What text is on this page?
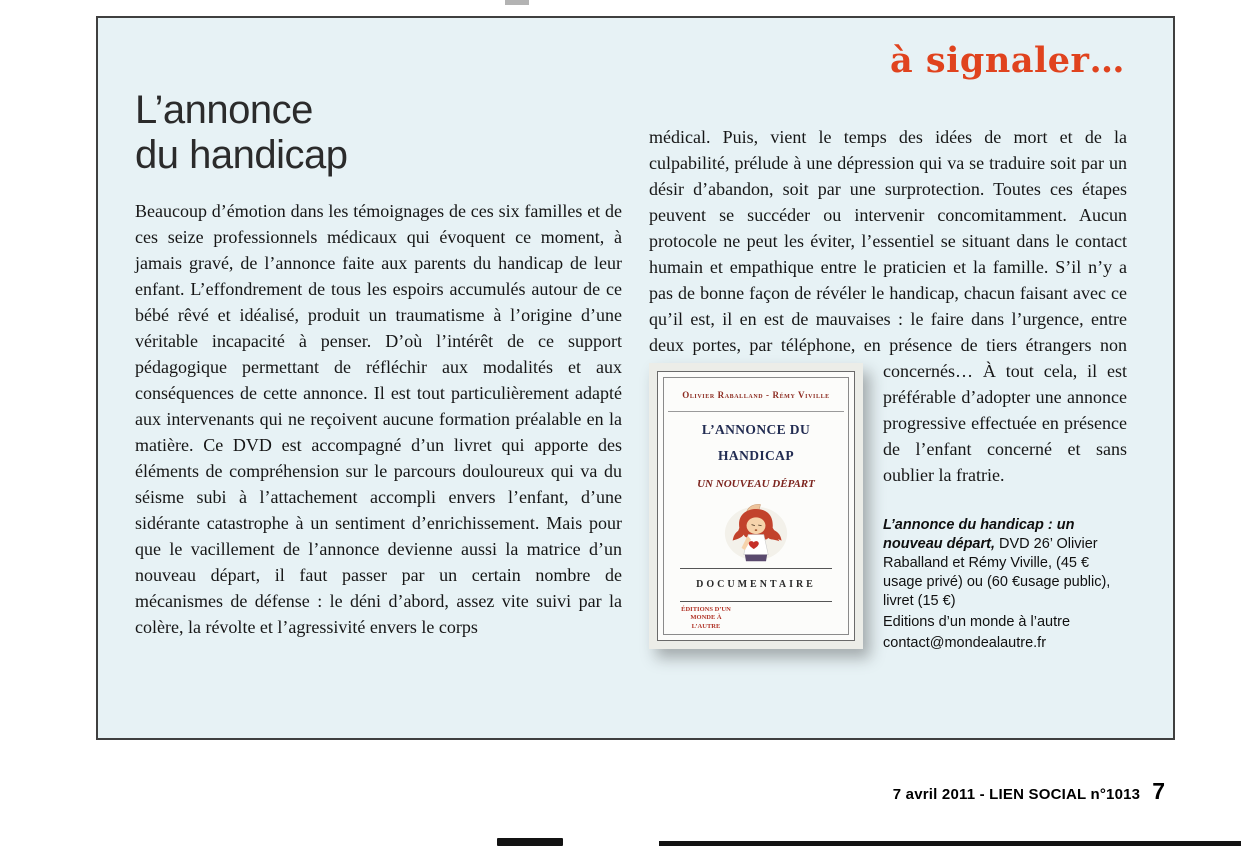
à signaler…
L’annonce
du handicap
Beaucoup d’émotion dans les témoignages de ces six familles et de ces seize professionnels médicaux qui évoquent ce moment, à jamais gravé, de l’annonce faite aux parents du handicap de leur enfant. L’effondrement de tous les espoirs accumulés autour de ce bébé rêvé et idéalisé, produit un traumatisme à l’origine d’une véritable incapacité à penser. D’où l’intérêt de ce support pédagogique permettant de réfléchir aux modalités et aux conséquences de cette annonce. Il est tout particulièrement adapté aux intervenants qui ne reçoivent aucune formation préalable en la matière. Ce DVD est accompagné d’un livret qui apporte des éléments de compréhension sur le parcours douloureux qui va du séisme subi à l’attachement accompli envers l’enfant, d’une sidérante catastrophe à un sentiment d’enrichissement. Mais pour que le vacillement de l’annonce devienne aussi la matrice d’un nouveau départ, il faut passer par un certain nombre de mécanismes de défense : le déni d’abord, assez vite suivi par la colère, la révolte et l’agressivité envers le corps
médical. Puis, vient le temps des idées de mort et de la culpabilité, prélude à une dépression qui va se traduire soit par un désir d’abandon, soit par une surprotection. Toutes ces étapes peuvent se succéder ou intervenir concomitamment. Aucun protocole ne peut les éviter, l’essentiel se situant dans le contact humain et empathique entre le praticien et la famille. S’il n’y a pas de bonne façon de révéler le handicap, chacun faisant avec ce qu’il est, il en est de mauvaises : le faire dans l’urgence, entre deux portes, par téléphone, en présence de tiers étrangers non concernés… À tout
Olivier Raballand - Rémy Viville
L’ANNONCE DU HANDICAP
UN NOUVEAU DÉPART
DOCUMENTAIRE
ÉDITIONS D’UN MONDE À L’AUTRE
cela, il est préférable d’adopter une annonce progressive effectuée en présence de l’enfant concerné et sans oublier la fratrie.
L’annonce du handicap : un nouveau départ, DVD 26’ Olivier Raballand et Rémy Viville, (45 € usage privé) ou (60 €usage public), livret (15 €)
Editions d’un monde à l’autre
contact@mondealautre.fr
7 avril 2011 - LIEN SOCIAL n°1013 7
